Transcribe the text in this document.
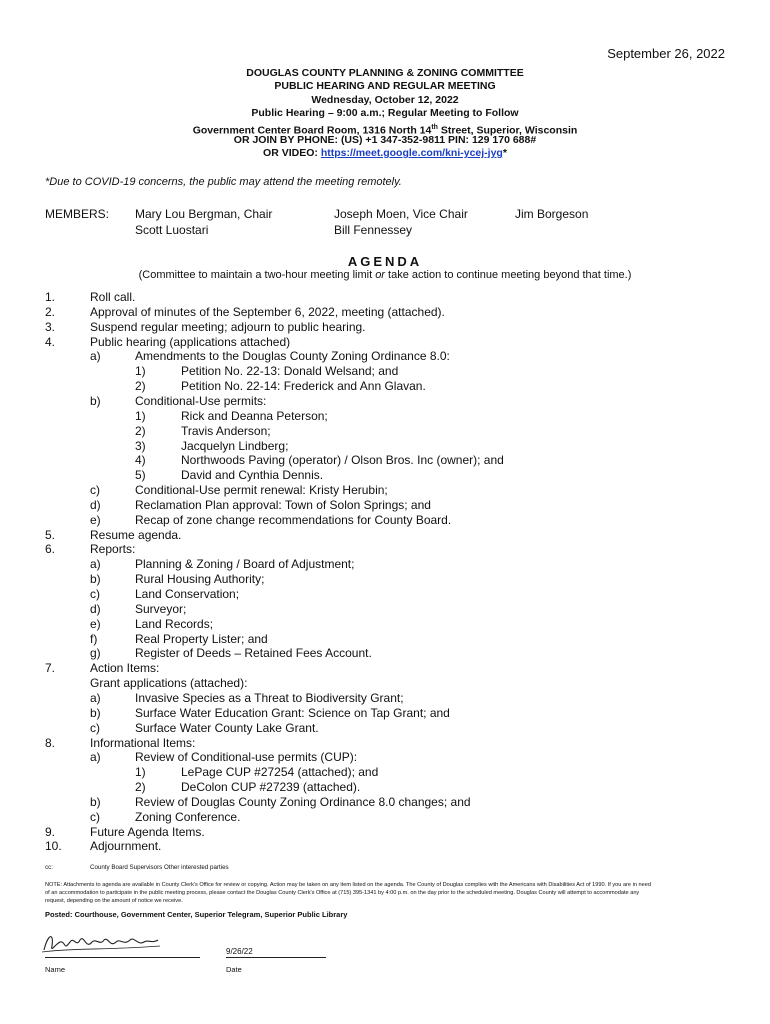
September 26, 2022
DOUGLAS COUNTY PLANNING & ZONING COMMITTEE
PUBLIC HEARING AND REGULAR MEETING
Wednesday, October 12, 2022
Public Hearing – 9:00 a.m.; Regular Meeting to Follow
Government Center Board Room, 1316 North 14th Street, Superior, Wisconsin
OR JOIN BY PHONE: (US) +1 347-352-9811 PIN: 129 170 688#
OR VIDEO: https://meet.google.com/kni-ycej-jyg*
*Due to COVID-19 concerns, the public may attend the meeting remotely.
MEMBERS: Mary Lou Bergman, Chair	Joseph Moen, Vice Chair	Jim Borgeson
Scott Luostari	Bill Fennessey
AGENDA
(Committee to maintain a two-hour meeting limit or take action to continue meeting beyond that time.)
1.	Roll call.
2.	Approval of minutes of the September 6, 2022, meeting (attached).
3.	Suspend regular meeting; adjourn to public hearing.
4.	Public hearing (applications attached)
a)	Amendments to the Douglas County Zoning Ordinance 8.0:
1)	Petition No. 22-13: Donald Welsand; and
2)	Petition No. 22-14: Frederick and Ann Glavan.
b)	Conditional-Use permits:
1)	Rick and Deanna Peterson;
2)	Travis Anderson;
3)	Jacquelyn Lindberg;
4)	Northwoods Paving (operator) / Olson Bros. Inc (owner); and
5)	David and Cynthia Dennis.
c)	Conditional-Use permit renewal: Kristy Herubin;
d)	Reclamation Plan approval: Town of Solon Springs; and
e)	Recap of zone change recommendations for County Board.
5.	Resume agenda.
6.	Reports:
a)	Planning & Zoning / Board of Adjustment;
b)	Rural Housing Authority;
c)	Land Conservation;
d)	Surveyor;
e)	Land Records;
f)	Real Property Lister; and
g)	Register of Deeds – Retained Fees Account.
7.	Action Items:
Grant applications (attached):
a)	Invasive Species as a Threat to Biodiversity Grant;
b)	Surface Water Education Grant: Science on Tap Grant; and
c)	Surface Water County Lake Grant.
8.	Informational Items:
a)	Review of Conditional-use permits (CUP):
1)	LePage CUP #27254 (attached); and
2)	DeColon CUP #27239 (attached).
b)	Review of Douglas County Zoning Ordinance 8.0 changes; and
c)	Zoning Conference.
9.	Future Agenda Items.
10. Adjournment.
cc:	County Board Supervisors Other interested parties
NOTE: Attachments to agenda are available in County Clerk's Office for review or copying. Action may be taken on any item listed on the agenda. The County of Douglas complies with the Americans with Disabilities Act of 1990. If you are in need
of an accommodation to participate in the public meeting process, please contact the Douglas County Clerk's Office at (715) 395-1341 by 4:00 p.m. on the day prior to the scheduled meeting. Douglas County will attempt to accommodate any
request, depending on the amount of notice we receive.
Posted: Courthouse, Government Center, Superior Telegram, Superior Public Library
9/26/22
Name	Date
